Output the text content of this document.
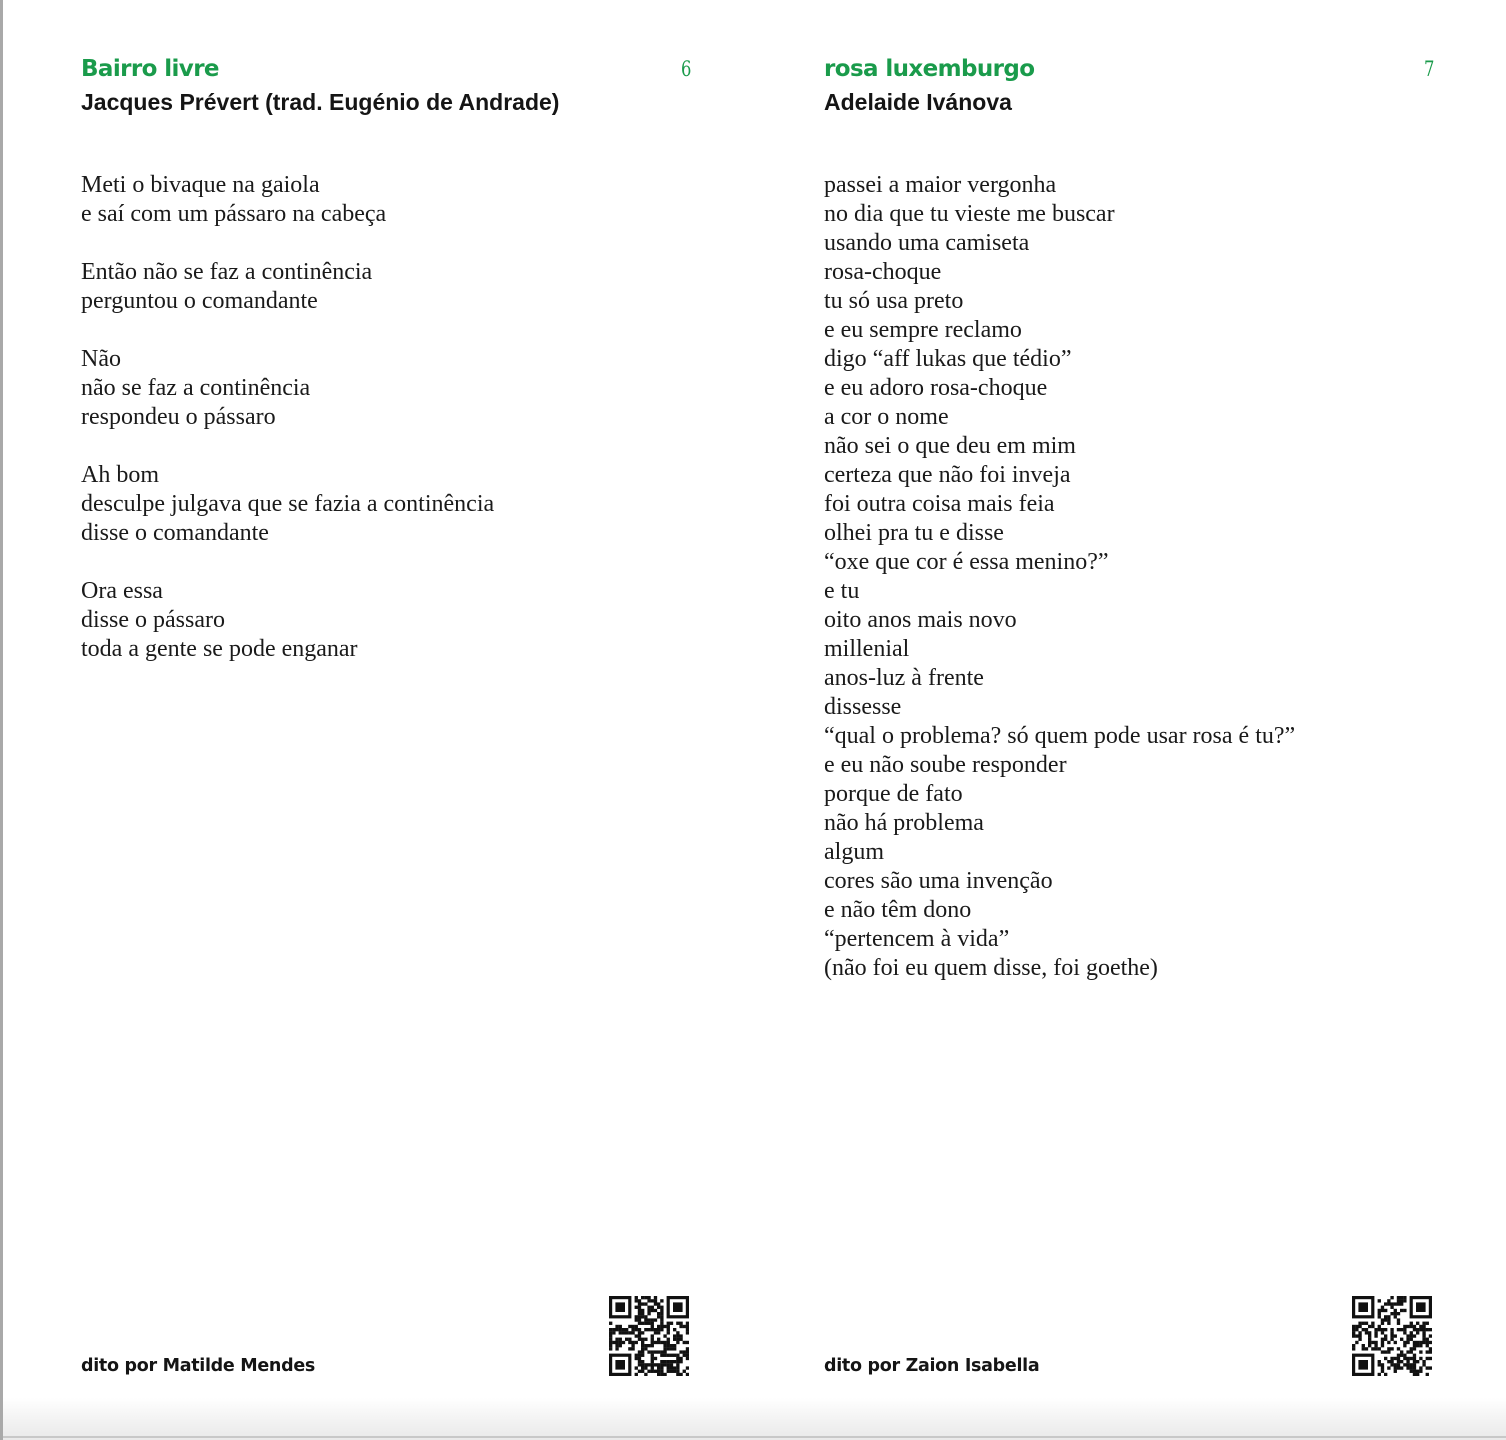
Bairro livre	6
Jacques Prévert (trad. Eugénio de Andrade)
Meti o bivaque na gaiola
e saí com um pássaro na cabeça
Então não se faz a continência
perguntou o comandante
Não
não se faz a continência
respondeu o pássaro
Ah bom
desculpe julgava que se fazia a continência
disse o comandante
Ora essa
disse o pássaro
toda a gente se pode enganar
dito por Matilde Mendes
rosa luxemburgo	7
Adelaide Ivánova
passei a maior vergonha
no dia que tu vieste me buscar
usando uma camiseta
rosa-choque
tu só usa preto
e eu sempre reclamo
digo “aff lukas que tédio”
e eu adoro rosa-choque
a cor o nome
não sei o que deu em mim
certeza que não foi inveja
foi outra coisa mais feia
olhei pra tu e disse
“oxe que cor é essa menino?”
e tu
oito anos mais novo
millenial
anos-luz à frente
dissesse
“qual o problema? só quem pode usar rosa é tu?”
e eu não soube responder
porque de fato
não há problema
algum
cores são uma invenção
e não têm dono
“pertencem à vida”
(não foi eu quem disse, foi goethe)
dito por Zaion Isabella
